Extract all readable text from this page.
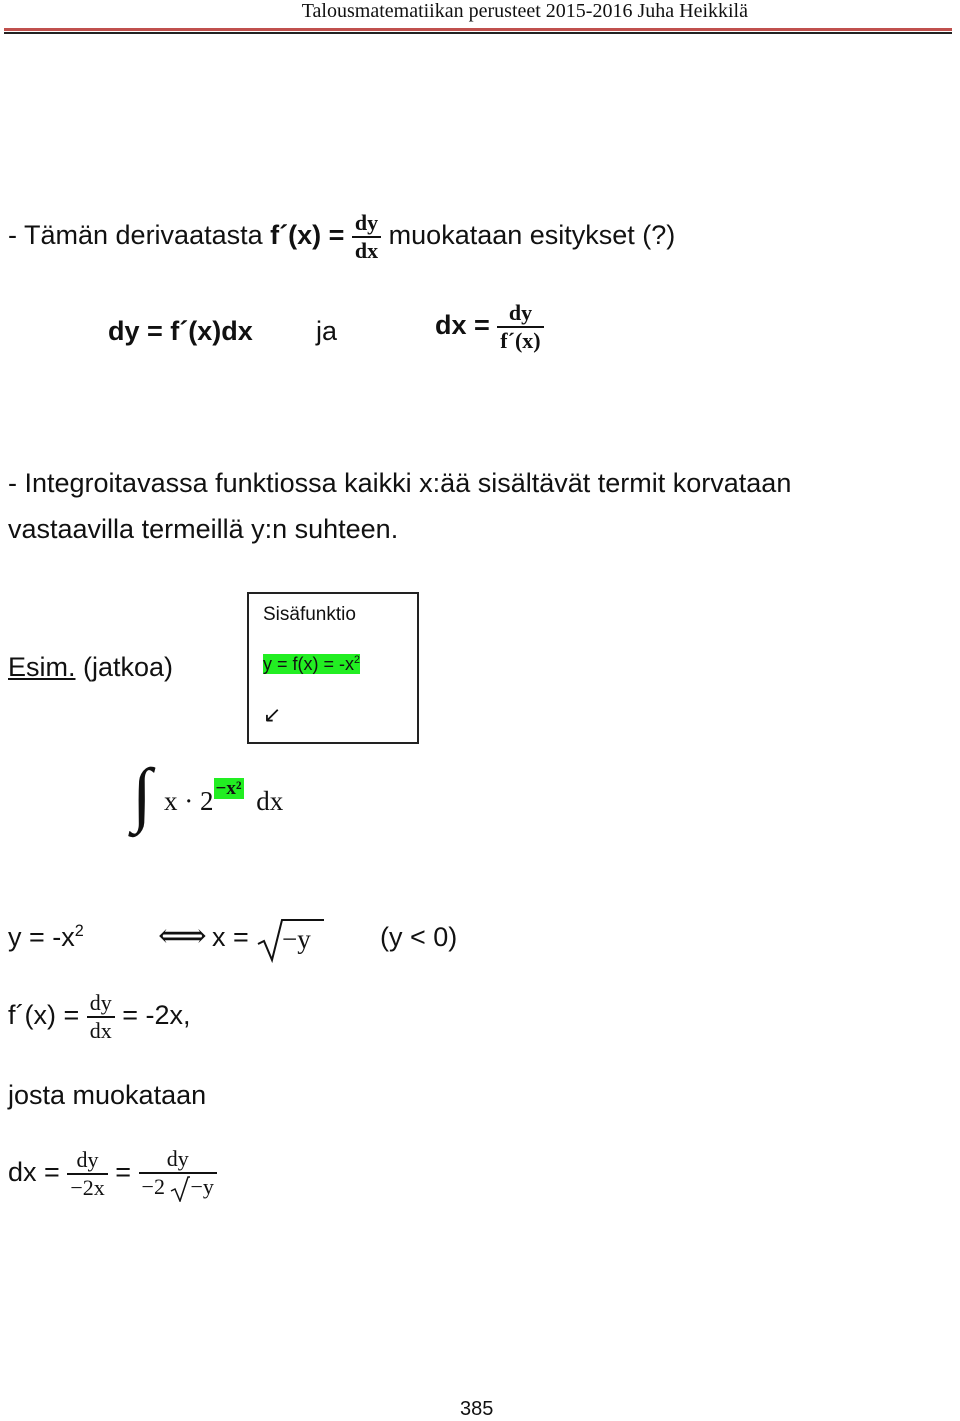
Talousmatematiikan perusteet 2015-2016 Juha Heikkilä
- Tämän derivaatasta f´(x) = $\frac{dy}{dx}$ muokataan esitykset (?)
dy = f´(x)dx ja	dx = $\frac{dy}{f´(x)}$
- Integroitavassa funktiossa kaikki x:ää sisältävät termit korvataan
vastaavilla termeillä y:n suhteen.
Esim. (jatkoa)
Sisäfunktio
$y = f(x) = -x^2$
↙
∫ x · 2 $^{-x^2}$ dx
$y = -x^2$ ⟺ x = −y	(y < 0)
f´(x) = $\frac{dy}{dx} = -2x$,
josta muokataan
dx = $\frac{dy}{-2x} = \frac{dy}{-2 -y}$
385
